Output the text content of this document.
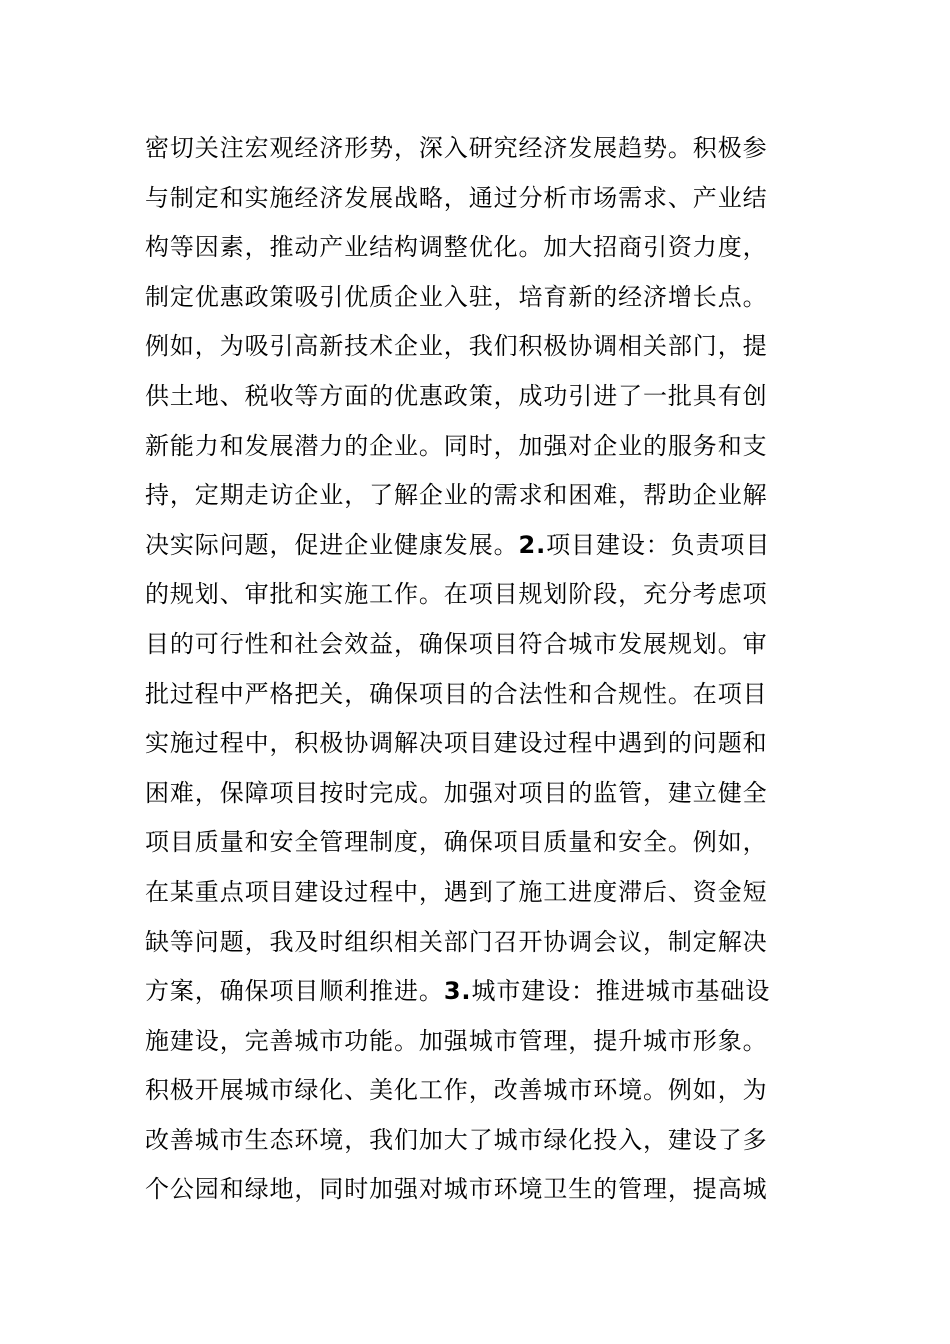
密切关注宏观经济形势，深入研究经济发展趋势。积极参
与制定和实施经济发展战略，通过分析市场需求、产业结
构等因素，推动产业结构调整优化。加大招商引资力度，
制定优惠政策吸引优质企业入驻，培育新的经济增长点。
例如，为吸引高新技术企业，我们积极协调相关部门，提
供土地、税收等方面的优惠政策，成功引进了一批具有创
新能力和发展潜力的企业。同时，加强对企业的服务和支
持，定期走访企业，了解企业的需求和困难，帮助企业解
决实际问题，促进企业健康发展。2.项目建设：负责项目
的规划、审批和实施工作。在项目规划阶段，充分考虑项
目的可行性和社会效益，确保项目符合城市发展规划。审
批过程中严格把关，确保项目的合法性和合规性。在项目
实施过程中，积极协调解决项目建设过程中遇到的问题和
困难，保障项目按时完成。加强对项目的监管，建立健全
项目质量和安全管理制度，确保项目质量和安全。例如，
在某重点项目建设过程中，遇到了施工进度滞后、资金短
缺等问题，我及时组织相关部门召开协调会议，制定解决
方案，确保项目顺利推进。3.城市建设：推进城市基础设
施建设，完善城市功能。加强城市管理，提升城市形象。
积极开展城市绿化、美化工作，改善城市环境。例如，为
改善城市生态环境，我们加大了城市绿化投入，建设了多
个公园和绿地，同时加强对城市环境卫生的管理，提高城
